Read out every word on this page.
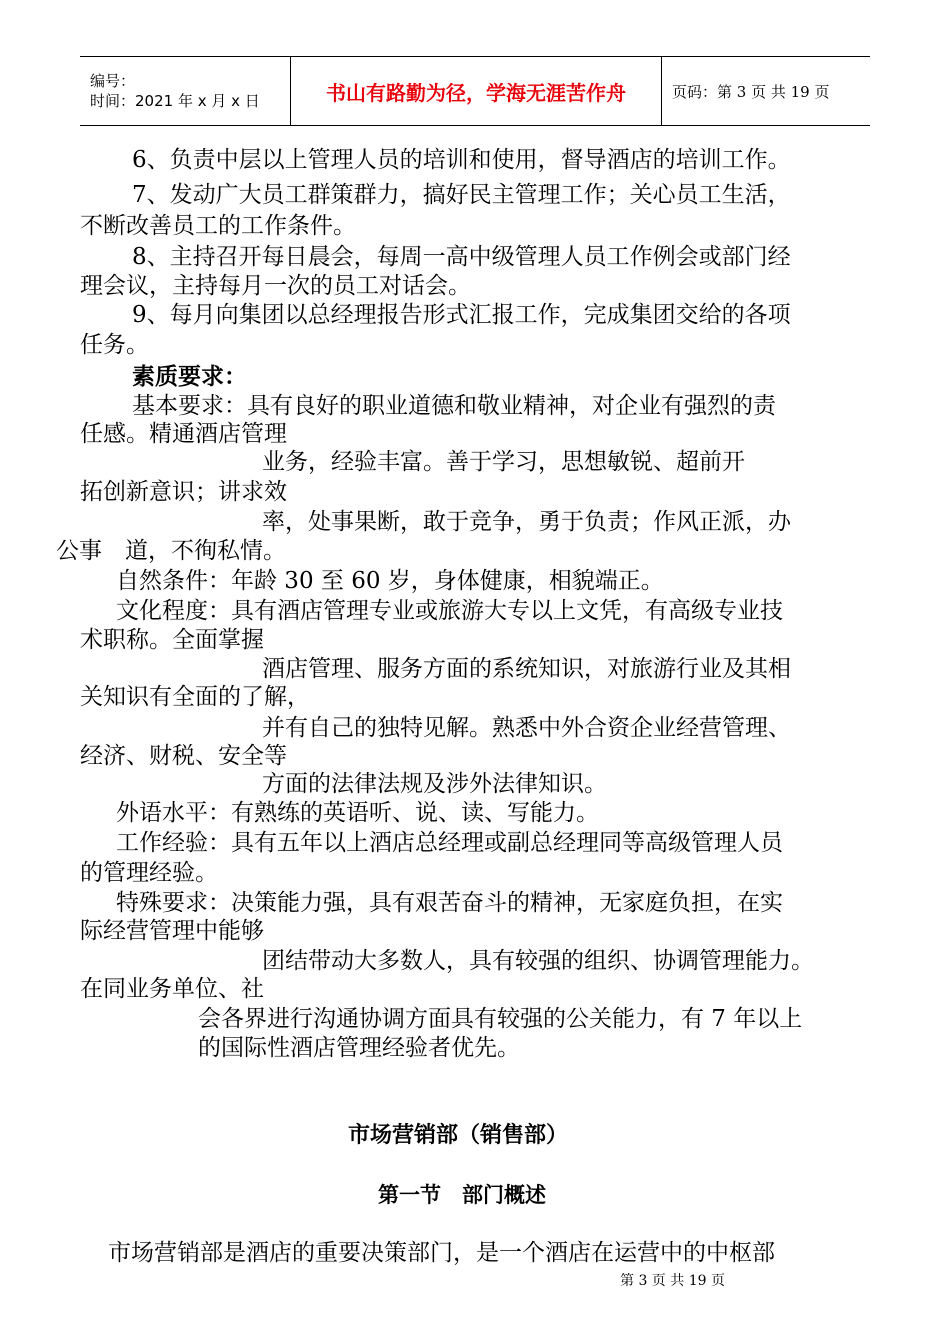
编号：
时间：2021 年 x 月 x 日	书山有路勤为径，学海无涯苦作舟	页码：第 3 页 共 19 页
6、负责中层以上管理人员的培训和使用，督导酒店的培训工作。
7、发动广大员工群策群力，搞好民主管理工作；关心员工生活，
不断改善员工的工作条件。
8、主持召开每日晨会，每周一高中级管理人员工作例会或部门经
理会议，主持每月一次的员工对话会。
9、每月向集团以总经理报告形式汇报工作，完成集团交给的各项
任务。
素质要求：
基本要求：具有良好的职业道德和敬业精神，对企业有强烈的责
任感。精通酒店管理
业务，经验丰富。善于学习，思想敏锐、超前开
拓创新意识；讲求效
率，处事果断，敢于竞争，勇于负责；作风正派，办
公事　道，不徇私情。
自然条件：年龄 30 至 60 岁，身体健康，相貌端正。
文化程度：具有酒店管理专业或旅游大专以上文凭，有高级专业技
术职称。全面掌握
酒店管理、服务方面的系统知识，对旅游行业及其相
关知识有全面的了解，
并有自己的独特见解。熟悉中外合资企业经营管理、
经济、财税、安全等
方面的法律法规及涉外法律知识。
外语水平：有熟练的英语听、说、读、写能力。
工作经验：具有五年以上酒店总经理或副总经理同等高级管理人员
的管理经验。
特殊要求：决策能力强，具有艰苦奋斗的精神，无家庭负担，在实
际经营管理中能够
团结带动大多数人，具有较强的组织、协调管理能力。
在同业务单位、社
会各界进行沟通协调方面具有较强的公关能力，有 7 年以上
的国际性酒店管理经验者优先。
市场营销部（销售部）
第一节　部门概述
市场营销部是酒店的重要决策部门，是一个酒店在运营中的中枢部
第 3 页 共 19 页
